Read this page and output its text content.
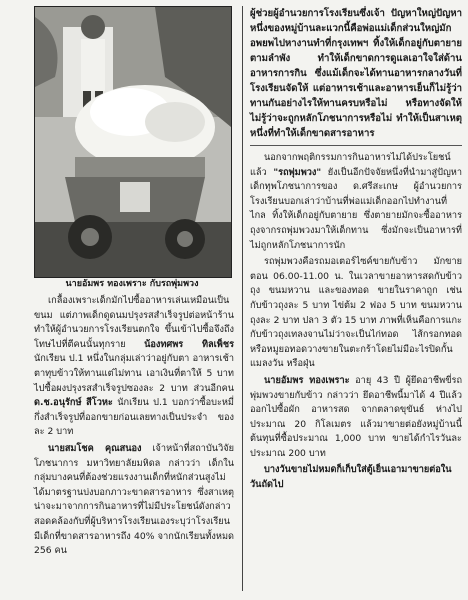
นายอัมพร ทองเพราะ กับรถพุ่มพวง

เกลื้องเพราะเด็กมักไปซื้ออาหารเล่นเหมือนเป็นขนม แต่ภาพเด็กดูดนมปรุงรสสำเร็จรูปต่อหน้าร้านทำให้ผู้อำนวยการโรงเรียนตกใจ ขึ้นเข้าไปซื้อจึงถึงโทษไปที่ตีคนนั้นทุกราย น้องทศพร ทิลเพ็ชร นักเรียน ป.1 หนึ่งในกลุ่มเล่าว่าอยู่กับตา อาหารเช้าตาทุบข้าวให้ทานแต่ไม่ทาน เอาเงินที่ตาให้ 5 บาท ไปซื้อผงปรุงรสสำเร็จรูปซองละ 2 บาท ส่วนอีกคน ด.ช.อนุรักษ์ สีโวหะ นักเรียน ป.1 บอกว่าซื้อบะหมี่กึ่งสำเร็จรูปที่ออกขายก่อนเลยทางเป็นประจำ ของละ 2 บาท

นายสมโชค คุณสนอง เจ้าหน้าที่สถาบันวิจัยโภชนาการ มหาวิทยาลัยมหิดล กล่าวว่า เด็กในกลุ่มบางคนที่ต้องช่วยแรงงานเด็กที่หนักส่วนสูงไม่ได้มาตรฐานบ่งบอกภาวะขาดสารอาหาร ซึ่งสาเหตุน่าจะมาจากการกินอาหารที่ไม่มีประโยชน์ดังกล่าว สอดคล้องกับที่ผู้บริหารโรงเรียนเองระบุว่าโรงเรียนมีเด็กที่ขาดสารอาหารถึง 40% จากนักเรียนทั้งหมด 256 คน

ผู้ช่วยผู้อำนวยการโรงเรียนซึ่งเจ้า ปัญหาใหญ่ปัญหาหนึ่งของหมู่บ้านละแวกนี้คือพ่อแม่เด็กส่วนใหญ่มักอพยพไปหางานทำที่กรุงเทพฯ ทิ้งให้เด็กอยู่กับตายายตามลำพัง ทำให้เด็กขาดการดูแลเอาใจใส่ด้านอาหารการกิน ซึ่งแม้เด็กจะได้ทานอาหารกลางวันที่โรงเรียนจัดให้ แต่อาหารเช้าและอาหารเย็นก็ไม่รู้ว่าทานกันอย่างไรให้ทานครบหรือไม่ หรือทางจัดให้ไม่รู้ว่าจะถูกหลักโภชนาการหรือไม่ ทำให้เป็นสาเหตุหนึ่งที่ทำให้เด็กขาดสารอาหาร

นอกจากพฤติกรรมการกินอาหารไม่ได้ประโยชน์แล้ว "รถพุ่มพวง" ยังเป็นอีกปัจจัยหนึ่งที่นำมาสู่ปัญหาเด็กทุพโภชนาการของ ด.ศรีสะเกษ ผู้อำนวยการโรงเรียนบอกเล่าว่าบ้านที่พ่อแม่เด็กออกไปทำงานที่ไกล ทิ้งให้เด็กอยู่กับตายาย ซึ่งตายายมักจะซื้ออาหารถุงจากรถพุ่มพวงมาให้เด็กทาน ซึ่งมักจะเป็นอาหารที่ไม่ถูกหลักโภชนาการนัก

รถพุ่มพวงคือรถมอเตอร์ไซค์ขายกับข้าว มักขายตอน 06.00-11.00 น. ในเวลาขายอาหารสดกับข้าวถุง ขนมหวาน และของทอด ขายในราคาถูก เช่น กับข้าวถุงละ 5 บาท ไข่ต้ม 2 ฟอง 5 บาท ขนมหวานถุงละ 2 บาท ปลา 3 ตัว 15 บาท ภาพที่เห็นคือการแกะกับข้าวถุงเทลงจานไม่ว่าจะเป็นไก่ทอด ไส้กรอกทอดหรือหมูยอทอดวางขายในตะกร้าโดยไม่มีอะไรปิดกั้นแมลงวัน หรือฝุ่น

นายอัมพร ทองเพราะ อายุ 43 ปี ผู้ยึดอาชีพขี่รถพุ่มพวงขายกับข้าว กล่าวว่า ยึดอาชีพนี้มาได้ 4 ปีแล้ว ออกไปซื้อผัก อาหารสด จากตลาดขุขันธ์ ห่างไปประมาณ 20 กิโลเมตร แล้วมาขายต่อยังหมู่บ้านนี้ ต้นทุนที่ซื้อประมาณ 1,000 บาท ขายได้กำไรวันละประมาณ 200 บาท

บางวันขายไม่หมดก็เก็บใส่ตู้เย็นเอามาขายต่อในวันถัดไป
